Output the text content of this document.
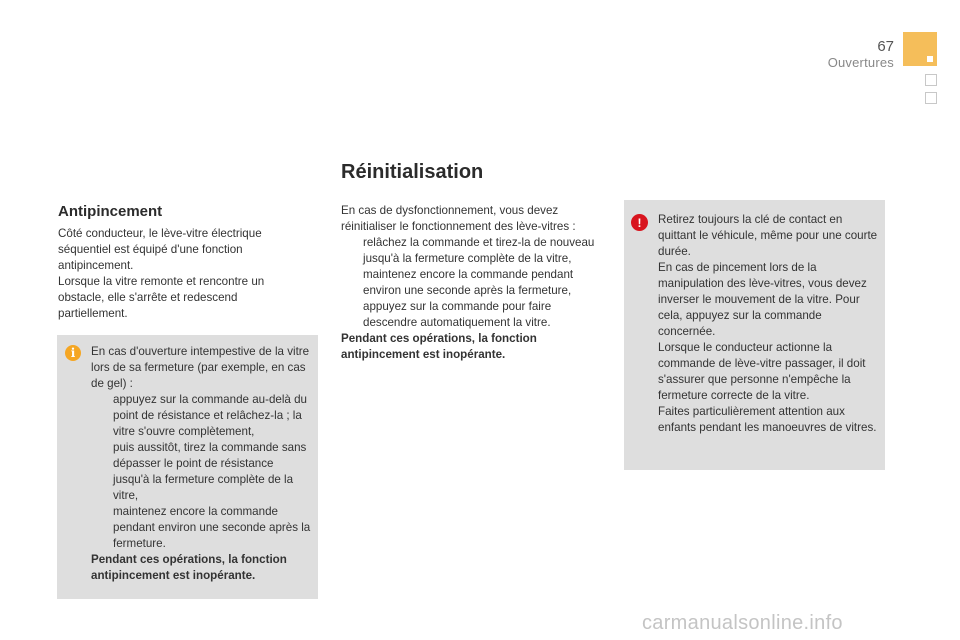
67
Ouvertures
Réinitialisation
Antipincement

Côté conducteur, le lève-vitre électrique séquentiel est équipé d'une fonction antipincement.

Lorsque la vitre remonte et rencontre un obstacle, elle s'arrête et redescend partiellement.

i	En cas d'ouverture intempestive de la vitre lors de sa fermeture (par exemple, en cas de gel) :

appuyez sur la commande au-delà du point de résistance et relâchez-la ; la vitre s'ouvre complètement,
puis aussitôt, tirez la commande sans dépasser le point de résistance jusqu'à la fermeture complète de la vitre,
maintenez encore la commande pendant environ une seconde après la fermeture.

Pendant ces opérations, la fonction antipincement est inopérante.

En cas de dysfonctionnement, vous devez réinitialiser le fonctionnement des lève-vitres :

relâchez la commande et tirez-la de nouveau jusqu'à la fermeture complète de la vitre,
maintenez encore la commande pendant environ une seconde après la fermeture,
appuyez sur la commande pour faire descendre automatiquement la vitre.

Pendant ces opérations, la fonction antipincement est inopérante.

!	Retirez toujours la clé de contact en quittant le véhicule, même pour une courte durée.

En cas de pincement lors de la manipulation des lève-vitres, vous devez inverser le mouvement de la vitre. Pour cela, appuyez sur la commande concernée.

Lorsque le conducteur actionne la commande de lève-vitre passager, il doit s'assurer que personne n'empêche la fermeture correcte de la vitre.

Faites particulièrement attention aux enfants pendant les manoeuvres de vitres.

carmanualsonline.info
